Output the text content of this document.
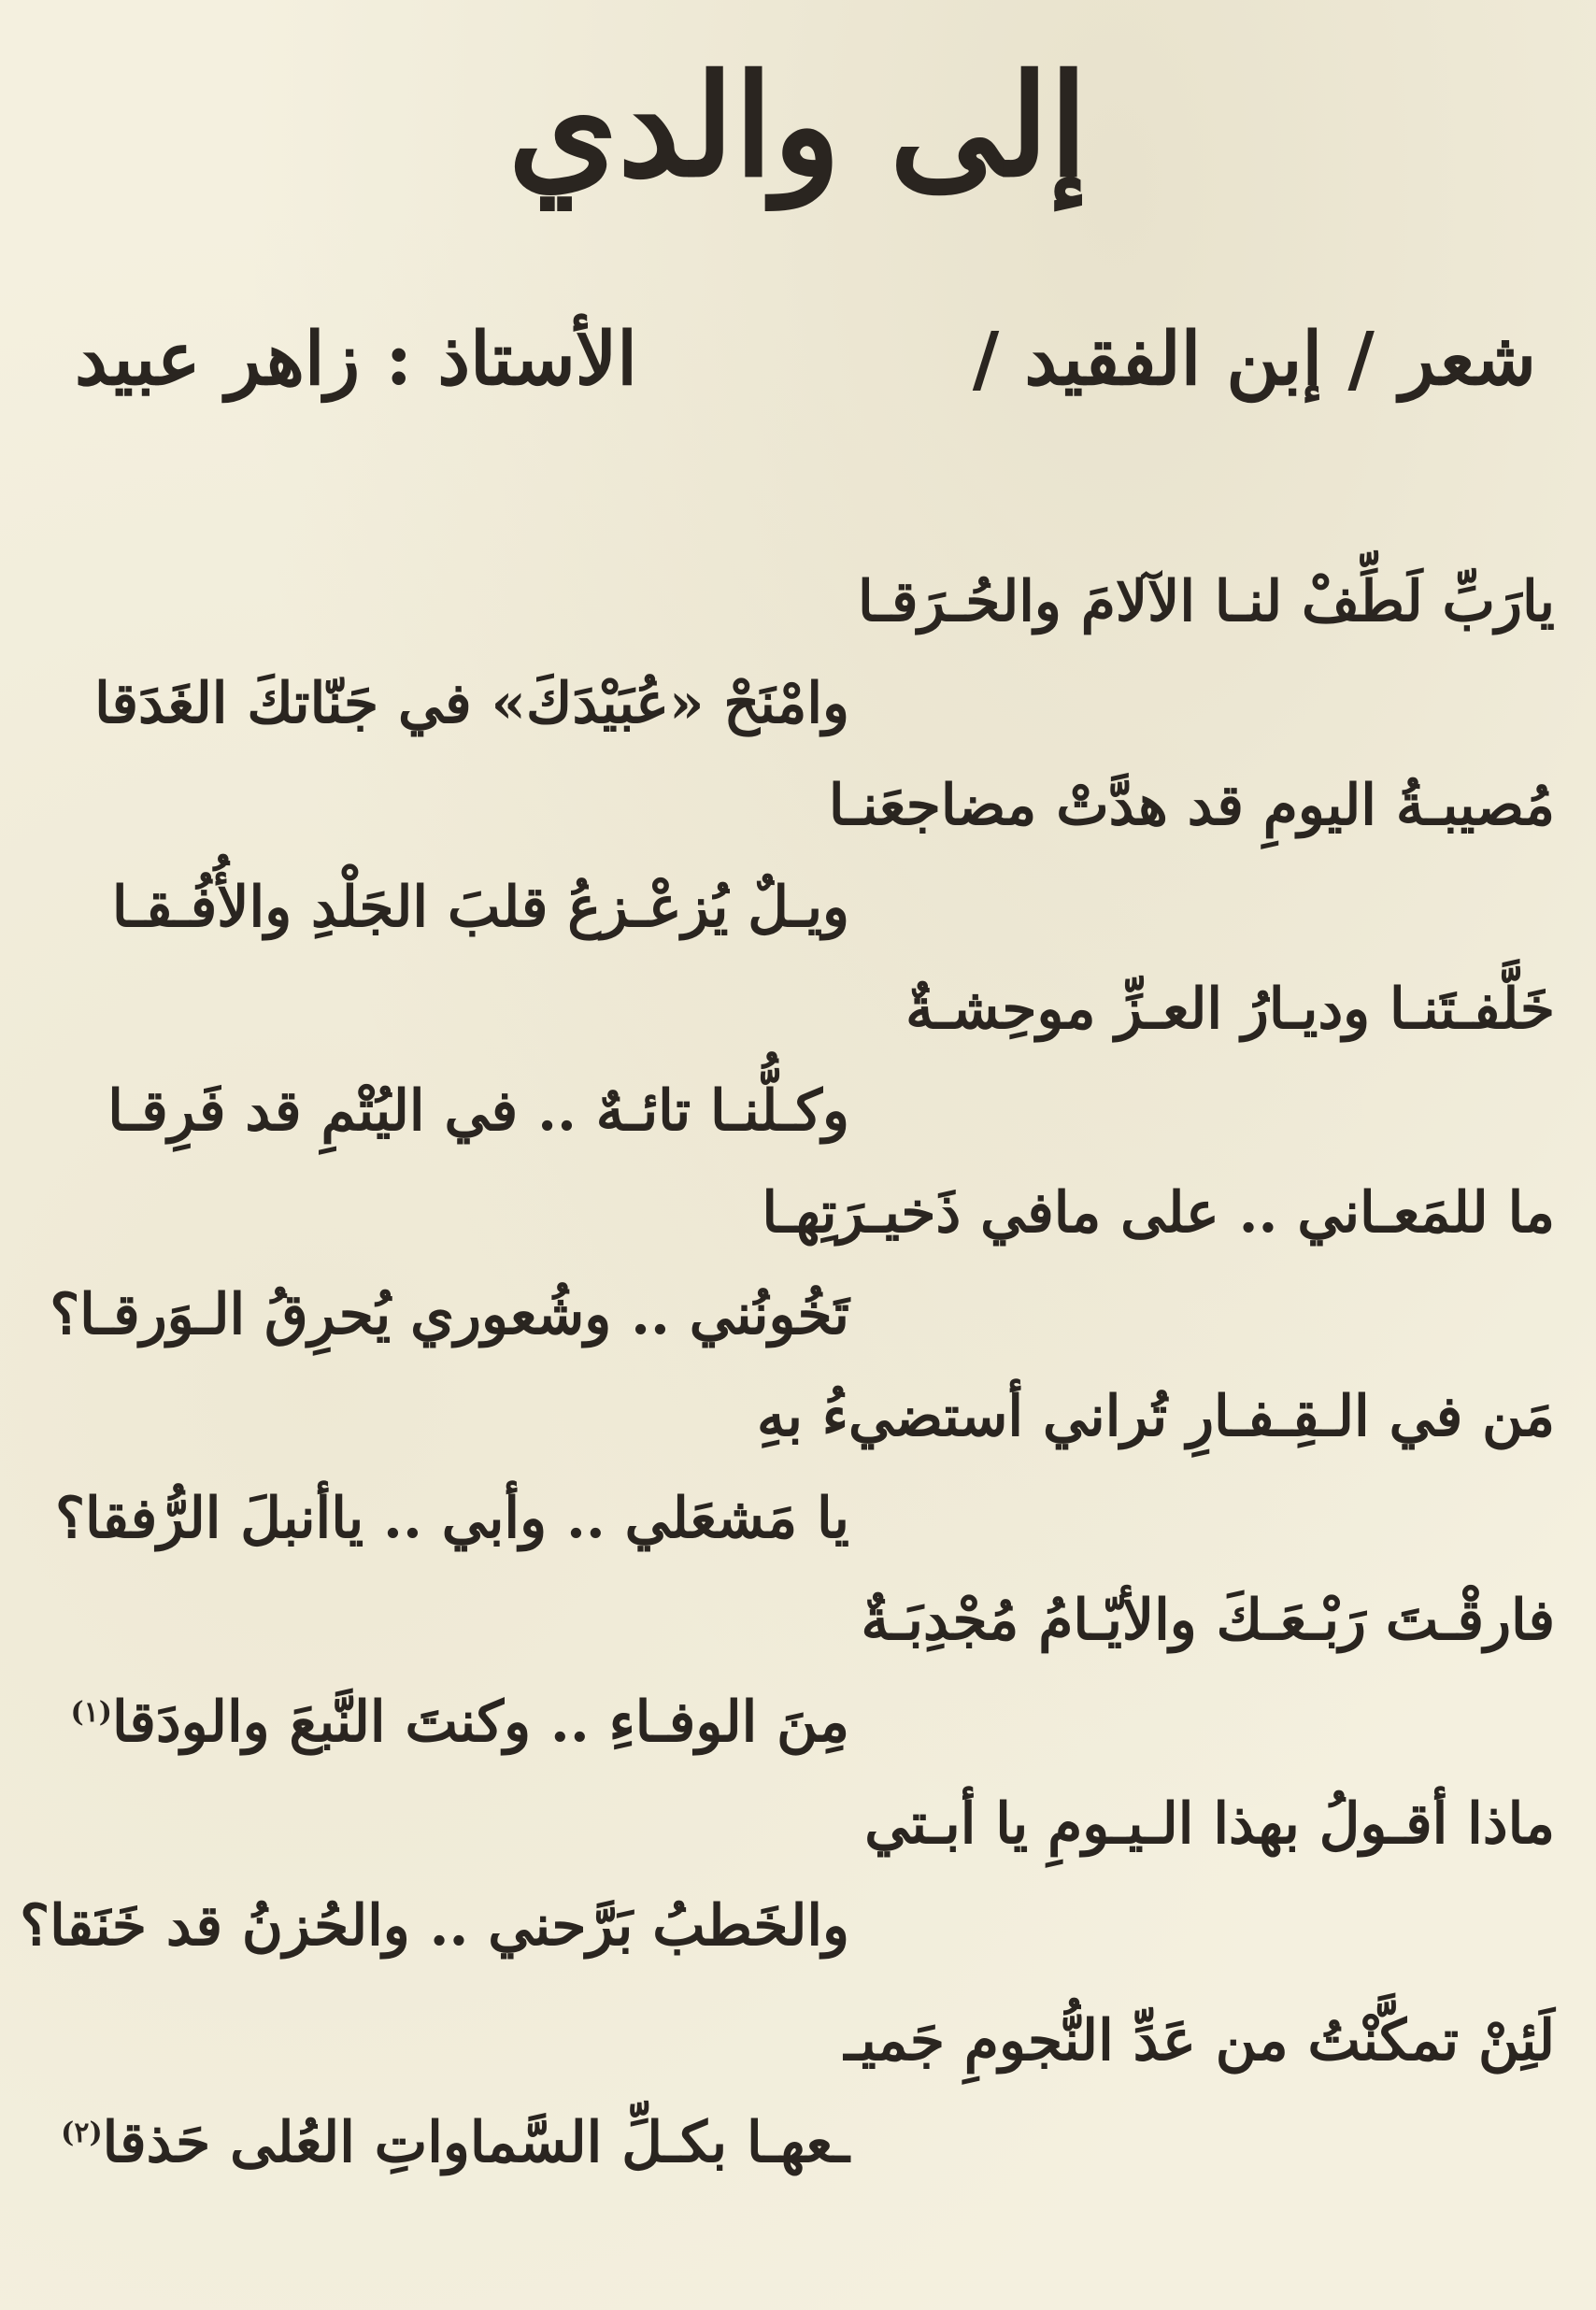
إلى والدي
شعر / إبن الفقيد /
الأستاذ : زاهر عبيد
يارَبِّ لَطِّفْ لنـا الآلامَ والحُـرَقـا
وامْنَحْ «عُبَيْدَكَ» في جَنّاتكَ الغَدَقا
مُصيبـةُ اليومِ قد هدَّتْ مضاجعَنـا
ويـلٌ يُزعْـزعُ قلبَ الجَلْدِ والأُفُـقـا
خَلَّفـتَنـا وديـارُ العـزِّ موحِشـةٌ
وكـلُّنـا تائـهٌ .. في اليُتْمِ قد فَرِقـا
ما للمَعـاني .. على مافي ذَخيـرَتِهـا
تَخُونُني .. وشُعوري يُحرِقُ الـوَرقـا؟
مَن في الـقِـفـارِ تُراني أستضيءُ بهِ
يا مَشعَلي .. وأبي .. ياأنبلَ الرُّفقا؟
فارقْـتَ رَبْـعَـكَ والأيّـامُ مُجْدِبَـةٌ
مِنَ الوفـاءِ .. وكنتَ النَّبعَ والودَقا$^{(١)}$
ماذا أقـولُ بهذا الـيـومِ يا أبـتي
والخَطبُ بَرَّحني .. والحُزنُ قد خَنَقا؟
لَئِنْ تمكَّنْتُ من عَدِّ النُّجومِ جَميـ
ـعهـا بكـلِّ السَّماواتِ العُلى حَذقا$^{(٢)}$
